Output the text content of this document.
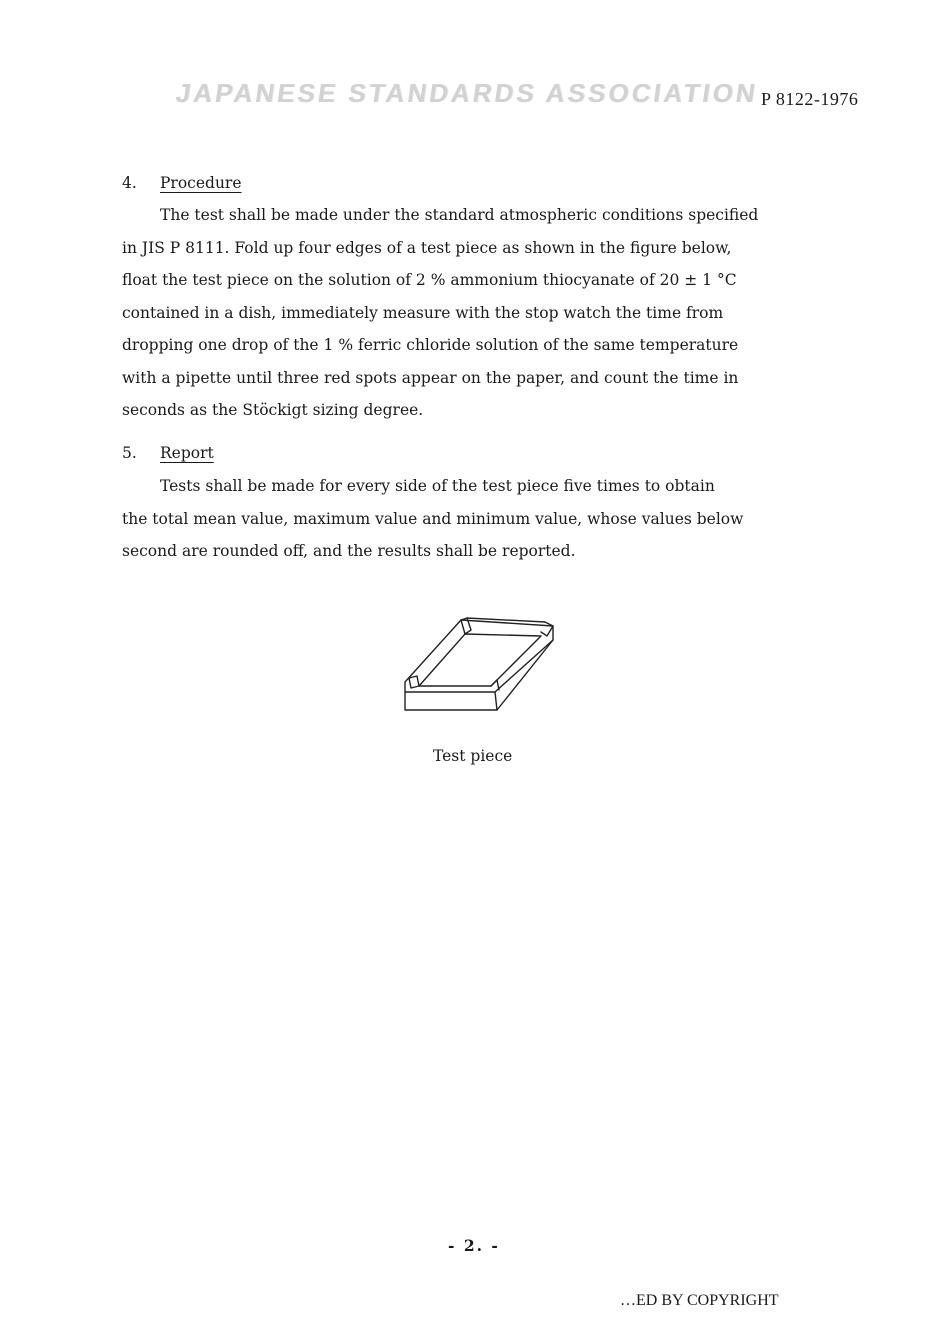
JAPANESE STANDARDS ASSOCIATION P 8122-1976
4. Procedure
The test shall be made under the standard atmospheric conditions specified
in JIS P 8111. Fold up four edges of a test piece as shown in the figure below,
float the test piece on the solution of 2 % ammonium thiocyanate of 20 ± 1 °C
contained in a dish, immediately measure with the stop watch the time from
dropping one drop of the 1 % ferric chloride solution of the same temperature
with a pipette until three red spots appear on the paper, and count the time in
seconds as the Stöckigt sizing degree.
5. Report
Tests shall be made for every side of the test piece five times to obtain
the total mean value, maximum value and minimum value, whose values below
second are rounded off, and the results shall be reported.
Test piece
- 2. -
…ED BY COPYRIGHT
